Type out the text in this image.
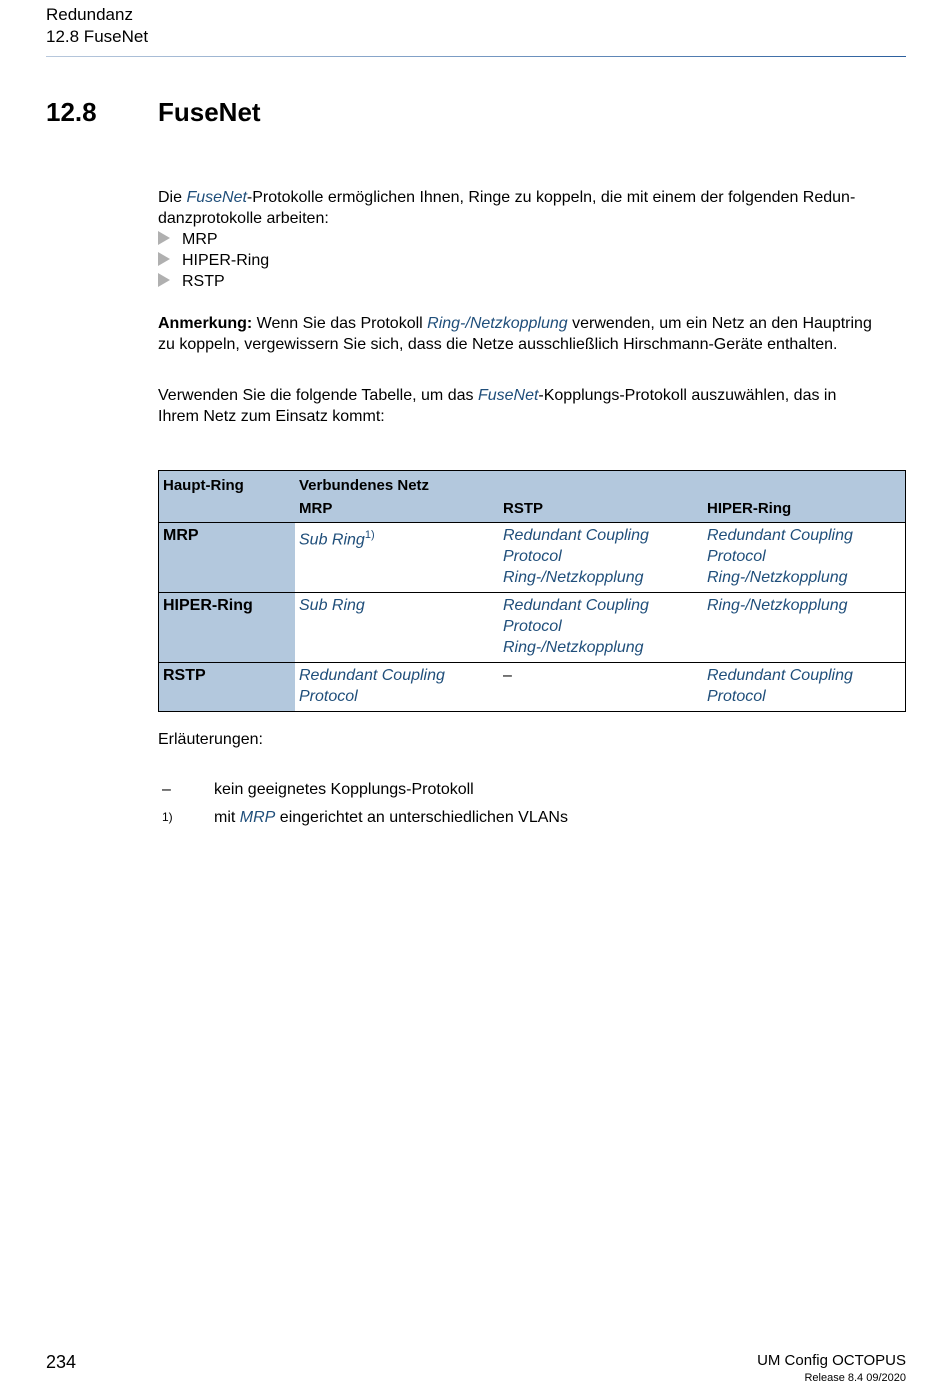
Redundanz
12.8 FuseNet
12.8 FuseNet
Die FuseNet-Protokolle ermöglichen Ihnen, Ringe zu koppeln, die mit einem der folgenden Redun-
danzprotokolle arbeiten:
MRP
HIPER-Ring
RSTP
Anmerkung: Wenn Sie das Protokoll Ring-/Netzkopplung verwenden, um ein Netz an den Hauptring
zu koppeln, vergewissern Sie sich, dass die Netze ausschließlich Hirschmann-Geräte enthalten.
Verwenden Sie die folgende Tabelle, um das FuseNet-Kopplungs-Protokoll auszuwählen, das in
Ihrem Netz zum Einsatz kommt:
Haupt-Ring	Verbundenes Netz		
	MRP	RSTP	HIPER-Ring
MRP	Sub Ring$^{1)}$	Redundant Coupling
Protocol
Ring-/Netzkopplung	Redundant Coupling
Protocol
Ring-/Netzkopplung
HIPER-Ring	Sub Ring	Redundant Coupling
Protocol
Ring-/Netzkopplung	Ring-/Netzkopplung
RSTP	Redundant Coupling
Protocol	–	Redundant Coupling
Protocol
Erläuterungen:
–	kein geeignetes Kopplungs-Protokoll
1)	mit MRP eingerichtet an unterschiedlichen VLANs
234	UM Config OCTOPUS
Release 8.4 09/2020
